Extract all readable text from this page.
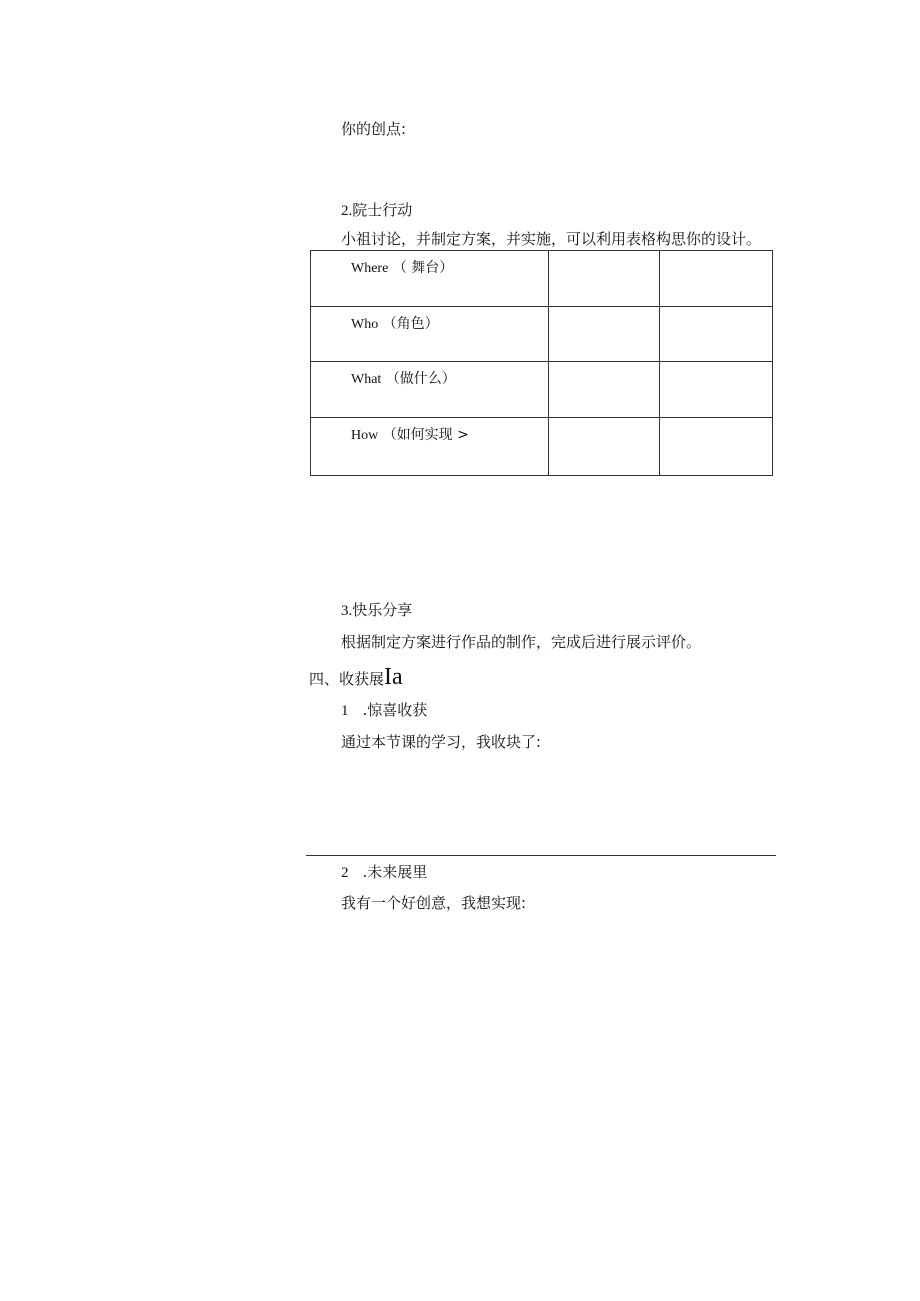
你的创点:
2.院士行动
小祖讨论，并制定方案，并实施，可以利用表格构思你的设计。
Where （ 舞台）		

Who （角色）		

What （做什么）		

How （如何实现 >		

3.快乐分享
根据制定方案进行作品的制作，完成后进行展示评价。
四、收获展Ia
1 .惊喜收获
通过本节课的学习，我收块了:
2 .未来展里
我有一个好创意，我想实现:
